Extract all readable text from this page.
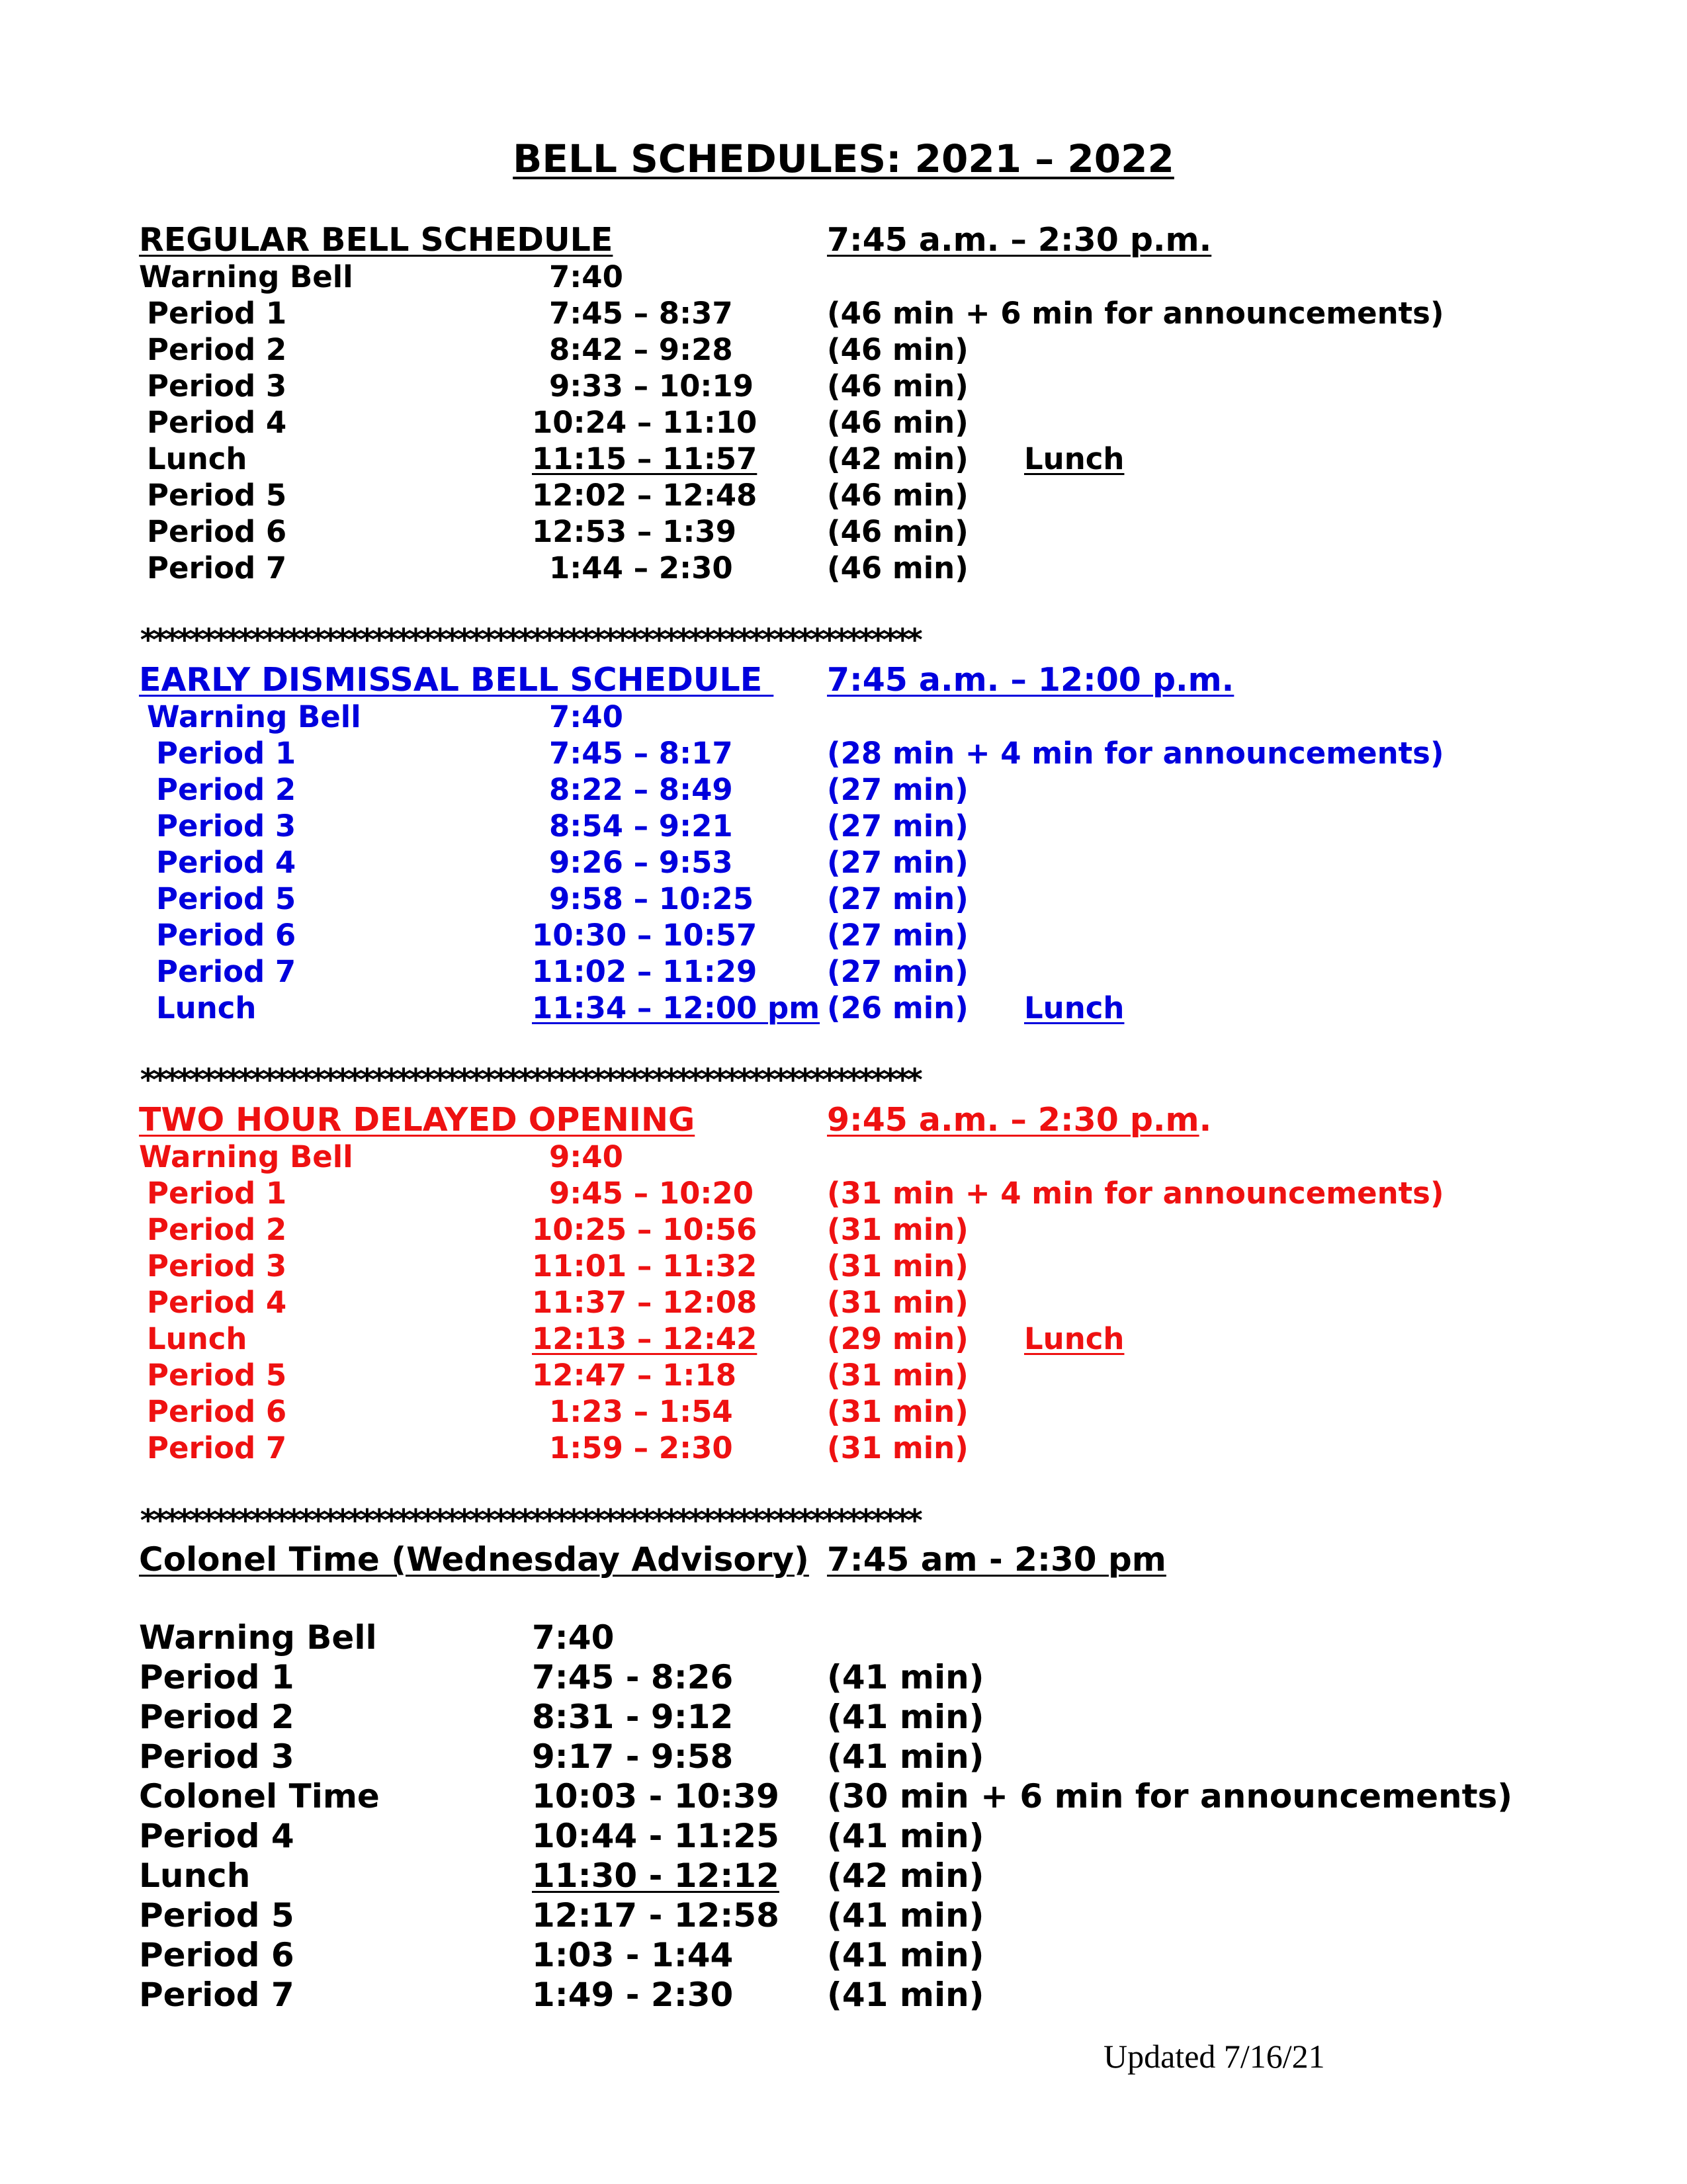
BELL SCHEDULES: 2021 – 2022
REGULAR BELL SCHEDULE	7:45 a.m. – 2:30 p.m.
Warning Bell	7:40
Period 1	7:45 – 8:37	(46 min + 6 min for announcements)
Period 2	8:42 – 9:28	(46 min)
Period 3	9:33 – 10:19 (46 min)
Period 4	10:24 – 11:10 (46 min)
Lunch	11:15 – 11:57 (42 min) Lunch
Period 5	12:02 – 12:48 (46 min)
Period 6	12:53 – 1:39	(46 min)
Period 7	1:44 – 2:30	(46 min)
****************************************************************
EARLY DISMISSAL BELL SCHEDULE 7:45 a.m. – 12:00 p.m.
Warning Bell	7:40
Period 1	7:45 – 8:17	(28 min + 4 min for announcements)
Period 2	8:22 – 8:49	(27 min)
Period 3	8:54 – 9:21	(27 min)
Period 4	9:26 – 9:53	(27 min)
Period 5	9:58 – 10:25 (27 min)
Period 6	10:30 – 10:57 (27 min)
Period 7	11:02 – 11:29 (27 min)
Lunch	11:34 – 12:00 pm (26 min) Lunch
****************************************************************
TWO HOUR DELAYED OPENING	9:45 a.m. – 2:30 p.m.
Warning Bell	9:40
Period 1	9:45 – 10:20 (31 min + 4 min for announcements)
Period 2	10:25 – 10:56 (31 min)
Period 3	11:01 – 11:32 (31 min)
Period 4	11:37 – 12:08 (31 min)
Lunch	12:13 – 12:42 (29 min) Lunch
Period 5	12:47 – 1:18	(31 min)
Period 6	1:23 – 1:54	(31 min)
Period 7	1:59 – 2:30	(31 min)
****************************************************************
Colonel Time (Wednesday Advisory) 7:45 am - 2:30 pm
Warning Bell	7:40
Period 1	7:45 - 8:26	(41 min)
Period 2	8:31 - 9:12	(41 min)
Period 3	9:17 - 9:58	(41 min)
Colonel Time	10:03 - 10:39 (30 min + 6 min for announcements)
Period 4	10:44 - 11:25 (41 min)
Lunch	11:30 - 12:12 (42 min)
Period 5	12:17 - 12:58 (41 min)
Period 6	1:03 - 1:44	(41 min)
Period 7	1:49 - 2:30	(41 min)
Updated 7/16/21
